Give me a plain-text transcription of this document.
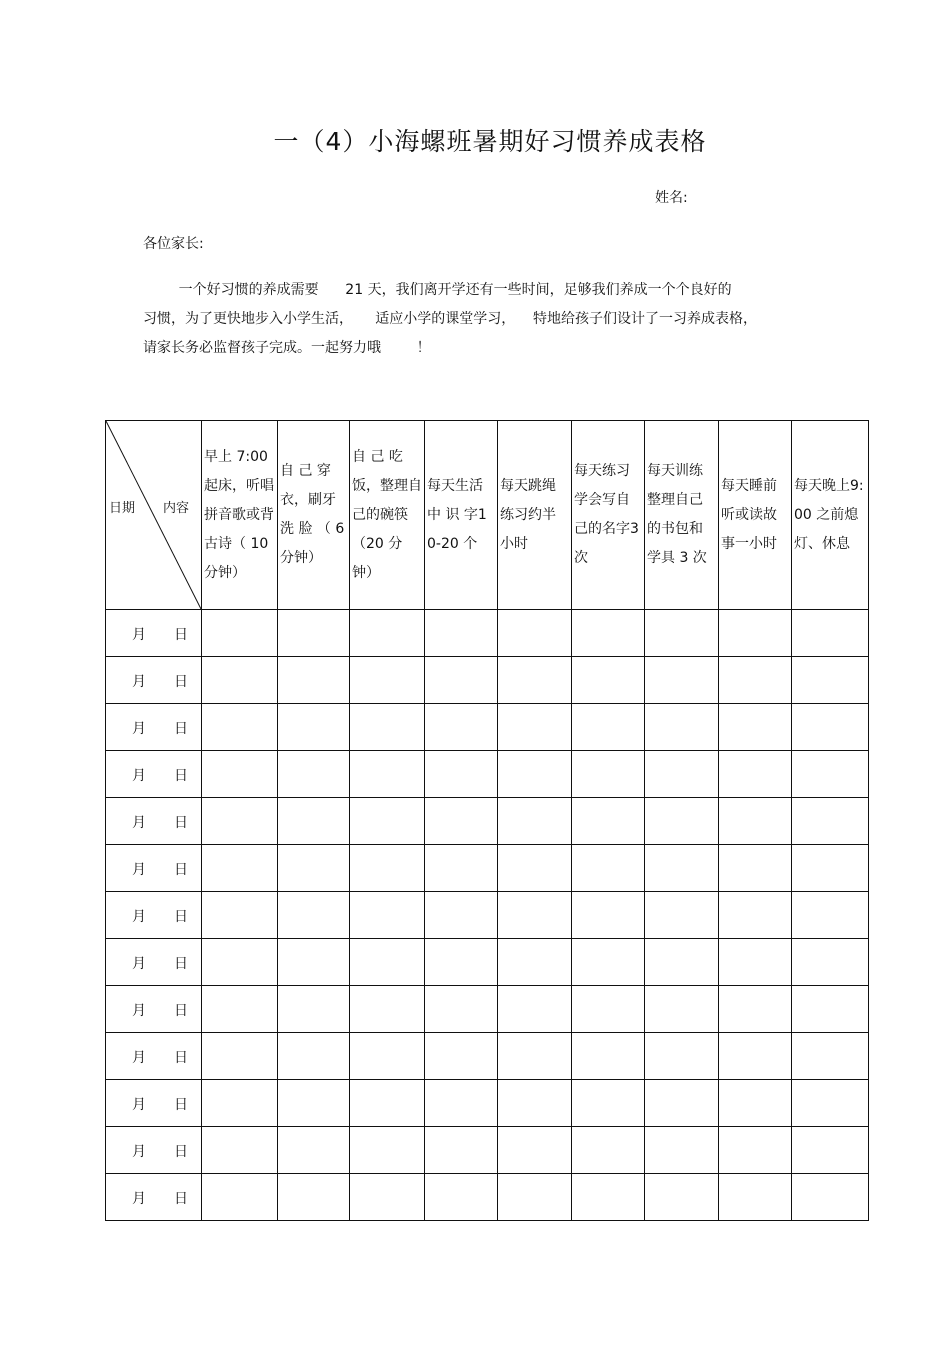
一（4）小海螺班暑期好习惯养成表格
姓名:
各位家长:

一个好习惯的养成需要      21 天，我们离开学还有一些时间，足够我们养成一个个良好的

习惯，为了更快地步入小学生活，     适应小学的课堂学习，    特地给孩子们设计了一习养成表格，

请家长务必监督孩子完成。一起努力哦        ！

日期 内容	早上 7:00 起床，听唱拼音歌或背古诗（ 10 分钟）	自 己 穿衣，刷牙洗 脸 （ 6分钟）	自 己 吃饭，整理自己的碗筷（20 分钟）	每天生活中 识 字10-20 个	每天跳绳练习约半小时	每天练习学会写自己的名字3 次	每天训练整理自己的书包和学具 3 次	每天睡前听或读故事一小时	每天晚上9:00 之前熄灯、休息

月 日									

月 日									

月 日									

月 日									

月 日									

月 日									

月 日									

月 日									

月 日									

月 日									

月 日									

月 日									

月 日									
